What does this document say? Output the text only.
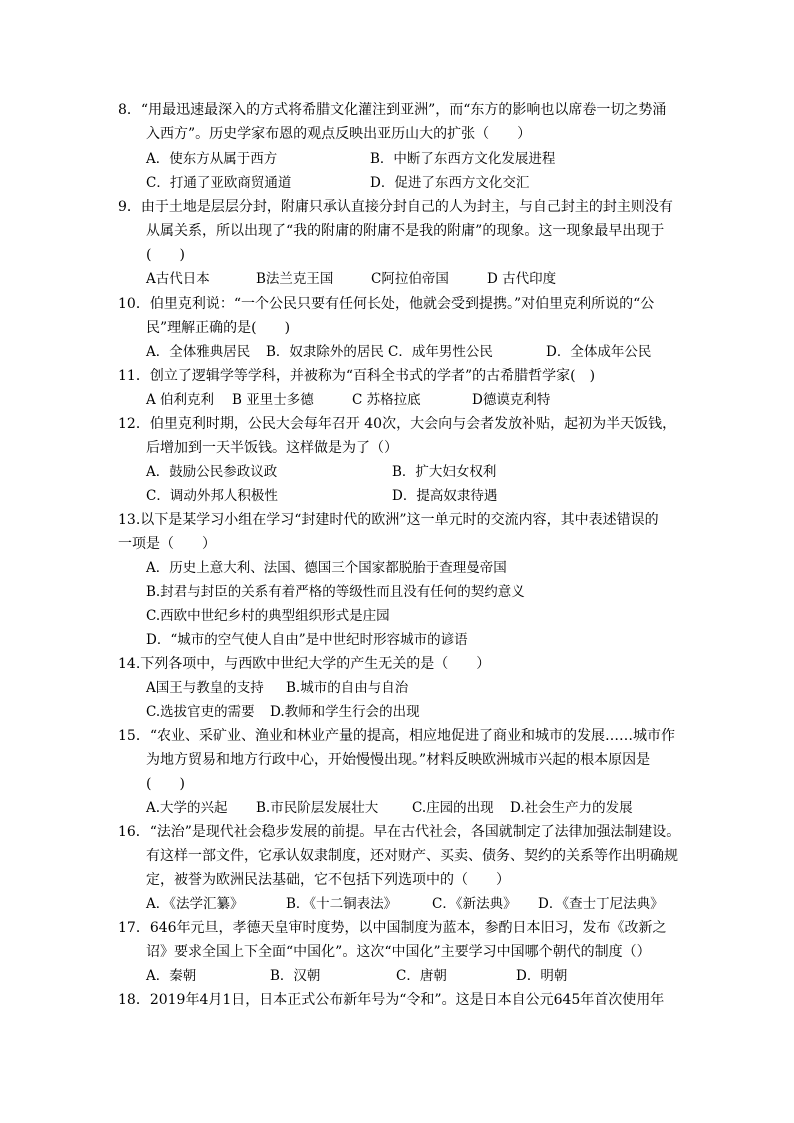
8．“用最迅速最深入的方式将希腊文化灌注到亚洲”，而“东方的影响也以席卷一切之势涌
入西方”。历史学家布恩的观点反映出亚历山大的扩张（　　）
A．使东方从属于西方	B．中断了东西方文化发展进程
C．打通了亚欧商贸通道	D．促进了东西方文化交汇
9．由于土地是层层分封，附庸只承认直接分封自己的人为封主，与自己封主的封主则没有
从属关系，所以出现了“我的附庸的附庸不是我的附庸”的现象。这一现象最早出现于
(　　)
A古代日本	B法兰克王国	C阿拉伯帝国	D 古代印度
10．伯里克利说：“一个公民只要有任何长处，他就会受到提携。”对伯里克利所说的“公
民”理解正确的是(　　)
A．全体雅典居民 B．奴隶除外的居民 C．成年男性公民	D．全体成年公民
11．创立了逻辑学等学科，并被称为“百科全书式的学者”的古希腊哲学家(　)
A 伯利克利 B 亚里士多德	C 苏格拉底	D德谟克利特
12．伯里克利时期，公民大会每年召开 40次，大会向与会者发放补贴，起初为半天饭钱，
后增加到一天半饭钱。这样做是为了（）
A．鼓励公民参政议政	B．扩大妇女权利
C．调动外邦人积极性	D．提高奴隶待遇
13.以下是某学习小组在学习“封建时代的欧洲”这一单元时的交流内容，其中表述错误的
一项是（　　）
A．历史上意大利、法国、德国三个国家都脱胎于查理曼帝国
B.封君与封臣的关系有着严格的等级性而且没有任何的契约意义
C.西欧中世纪乡村的典型组织形式是庄园
D．“城市的空气使人自由”是中世纪时形容城市的谚语
14.下列各项中，与西欧中世纪大学的产生无关的是（　　）
A国王与教皇的支持 B.城市的自由与自治
C.选拔官吏的需要 D.教师和学生行会的出现
15．“农业、采矿业、渔业和林业产量的提高，相应地促进了商业和城市的发展……城市作
为地方贸易和地方行政中心，开始慢慢出现。”材料反映欧洲城市兴起的根本原因是
(　　)
A.大学的兴起 B.市民阶层发展壮大	C.庄园的出现 D.社会生产力的发展
16．“法治”是现代社会稳步发展的前提。早在古代社会，各国就制定了法律加强法制建设。
有这样一部文件，它承认奴隶制度，还对财产、买卖、债务、契约的关系等作出明确规
定，被誉为欧洲民法基础，它不包括下列选项中的（　　）
A．《法学汇纂》	B．《十二铜表法》	C．《新法典》 D．《查士丁尼法典》
17．646年元旦，孝德天皇审时度势，以中国制度为蓝本，参酌日本旧习，发布《改新之
诏》要求全国上下全面“中国化”。这次“中国化”主要学习中国哪个朝代的制度（）
A．秦朝	B．汉朝	C．唐朝	D．明朝
18．2019年4月1日，日本正式公布新年号为“令和”。这是日本自公元645年首次使用年
